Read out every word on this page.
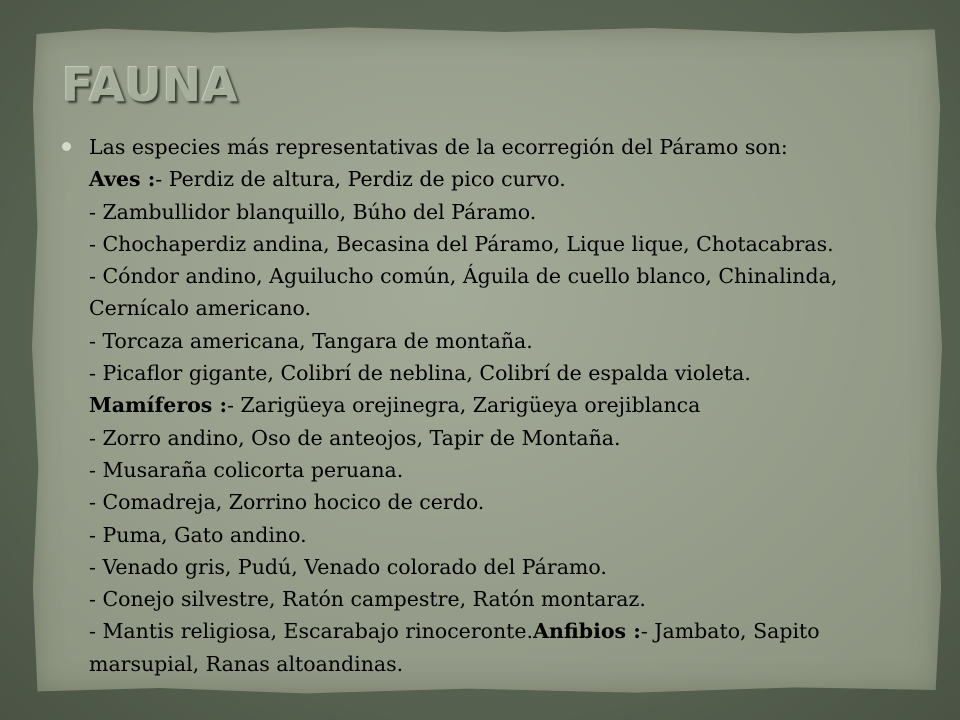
FAUNA
Las especies más representativas de la ecorregión del Páramo son:
Aves :- Perdiz de altura, Perdiz de pico curvo.
- Zambullidor blanquillo, Búho del Páramo.
- Chochaperdiz andina, Becasina del Páramo, Lique lique, Chotacabras.
- Cóndor andino, Aguilucho común, Águila de cuello blanco, Chinalinda,
Cernícalo americano.
- Torcaza americana, Tangara de montaña.
- Picaflor gigante, Colibrí de neblina, Colibrí de espalda violeta.
Mamíferos :- Zarigüeya orejinegra, Zarigüeya orejiblanca
- Zorro andino, Oso de anteojos, Tapir de Montaña.
- Musaraña colicorta peruana.
- Comadreja, Zorrino hocico de cerdo.
- Puma, Gato andino.
- Venado gris, Pudú, Venado colorado del Páramo.
- Conejo silvestre, Ratón campestre, Ratón montaraz.
- Mantis religiosa, Escarabajo rinoceronte.Anfibios :- Jambato, Sapito
marsupial, Ranas altoandinas.
